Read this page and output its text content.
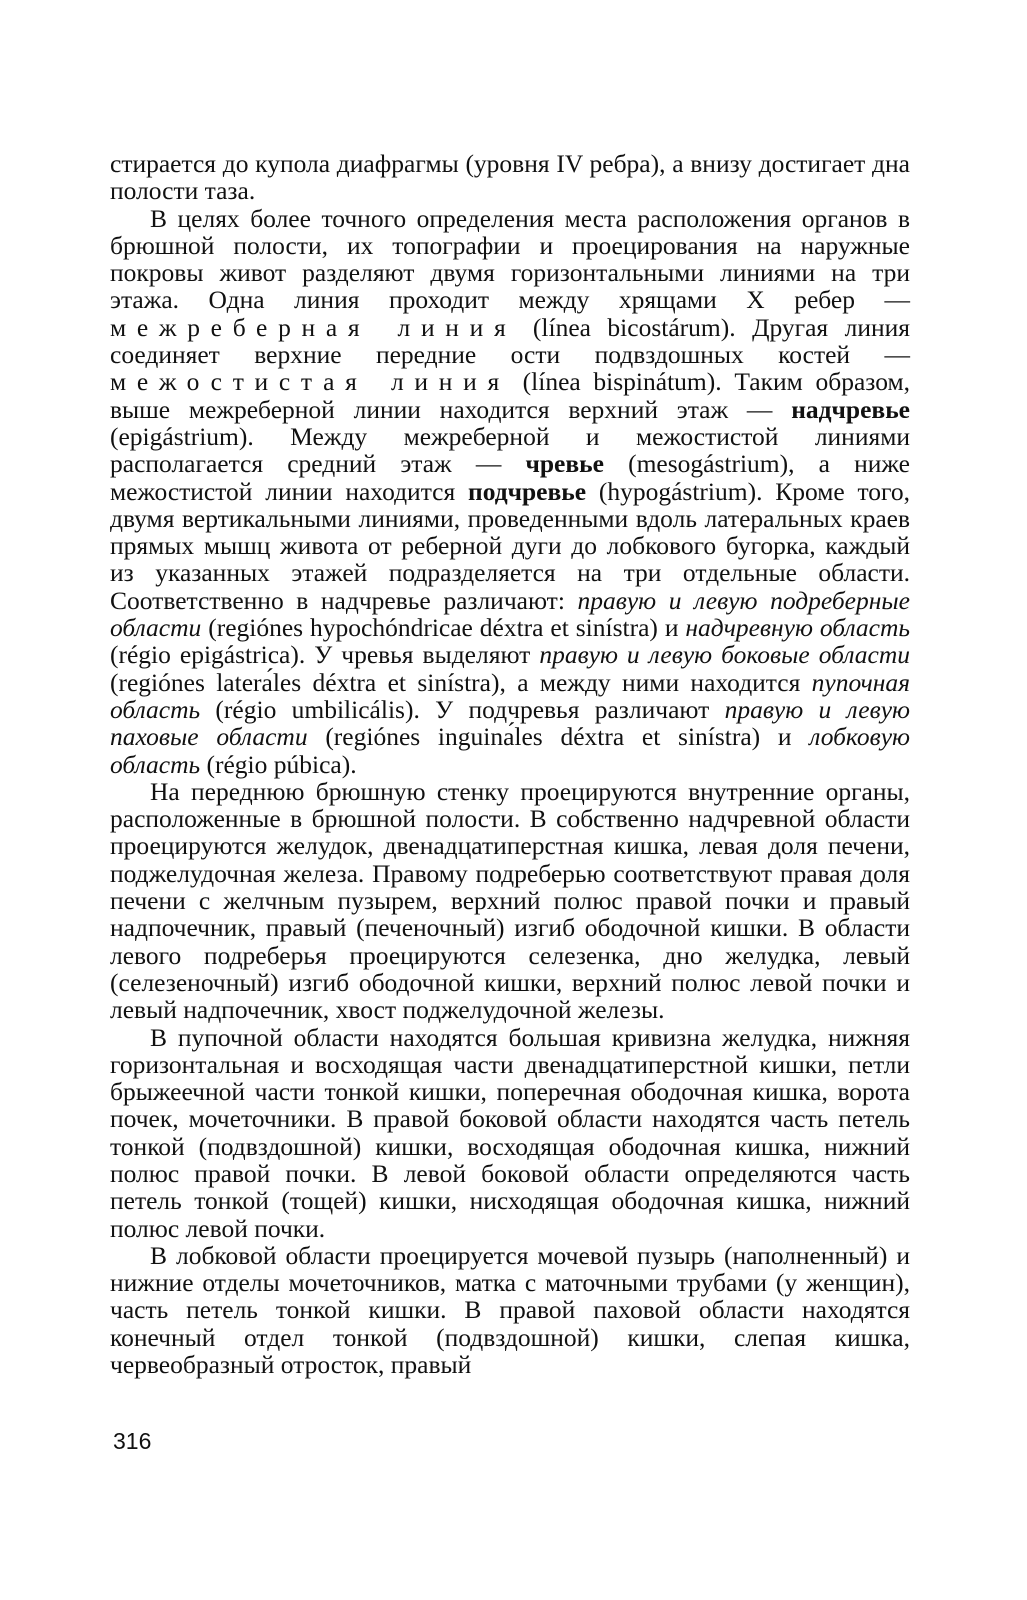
стирается до купола диафрагмы (уровня IV ребра), а внизу достигает дна полости таза.

В целях более точного определения места расположения органов в брюшной полости, их топографии и проецирования на наружные покровы живот разделяют двумя горизонтальными линиями на три этажа. Одна линия проходит между хрящами X ребер — межреберная линия (línea bicostárum). Другая линия соединяет верхние передние ости подвздошных костей — межостистая линия (línea bispinátum). Таким образом, выше межреберной линии находится верхний этаж — надчревье (epigástrium). Между межреберной и межостистой линиями располагается средний этаж — чревье (mesogástrium), а ниже межостистой линии находится подчревье (hypogástrium). Кроме того, двумя вертикальными линиями, проведенными вдоль латеральных краев прямых мышц живота от реберной дуги до лобкового бугорка, каждый из указанных этажей подразделяется на три отдельные области. Соответственно в надчревье различают: правую и левую подреберные области (regiónes hypochóndricae déxtra et sinístra) и надчревную область (régio epigástrica). У чревья выделяют правую и левую боковые области (regiónes laterа́les déxtra et sinístra), а между ними находится пупочная область (régio umbilicális). У подчревья различают правую и левую паховые области (regiónes inguinа́les déxtra et sinístra) и лобковую область (régio púbica).

На переднюю брюшную стенку проецируются внутренние органы, расположенные в брюшной полости. В собственно надчревной области проецируются желудок, двенадцатиперстная кишка, левая доля печени, поджелудочная железа. Правому подреберью соответствуют правая доля печени с желчным пузырем, верхний полюс правой почки и правый надпочечник, правый (печеночный) изгиб ободочной кишки. В области левого подреберья проецируются селезенка, дно желудка, левый (селезеночный) изгиб ободочной кишки, верхний полюс левой почки и левый надпочечник, хвост поджелудочной железы.

В пупочной области находятся большая кривизна желудка, нижняя горизонтальная и восходящая части двенадцатиперстной кишки, петли брыжеечной части тонкой кишки, поперечная ободочная кишка, ворота почек, мочеточники. В правой боковой области находятся часть петель тонкой (подвздошной) кишки, восходящая ободочная кишка, нижний полюс правой почки. В левой боковой области определяются часть петель тонкой (тощей) кишки, нисходящая ободочная кишка, нижний полюс левой почки.

В лобковой области проецируется мочевой пузырь (наполненный) и нижние отделы мочеточников, матка с маточными трубами (у женщин), часть петель тонкой кишки. В правой паховой области находятся конечный отдел тонкой (подвздошной) кишки, слепая кишка, червеобразный отросток, правый

316
